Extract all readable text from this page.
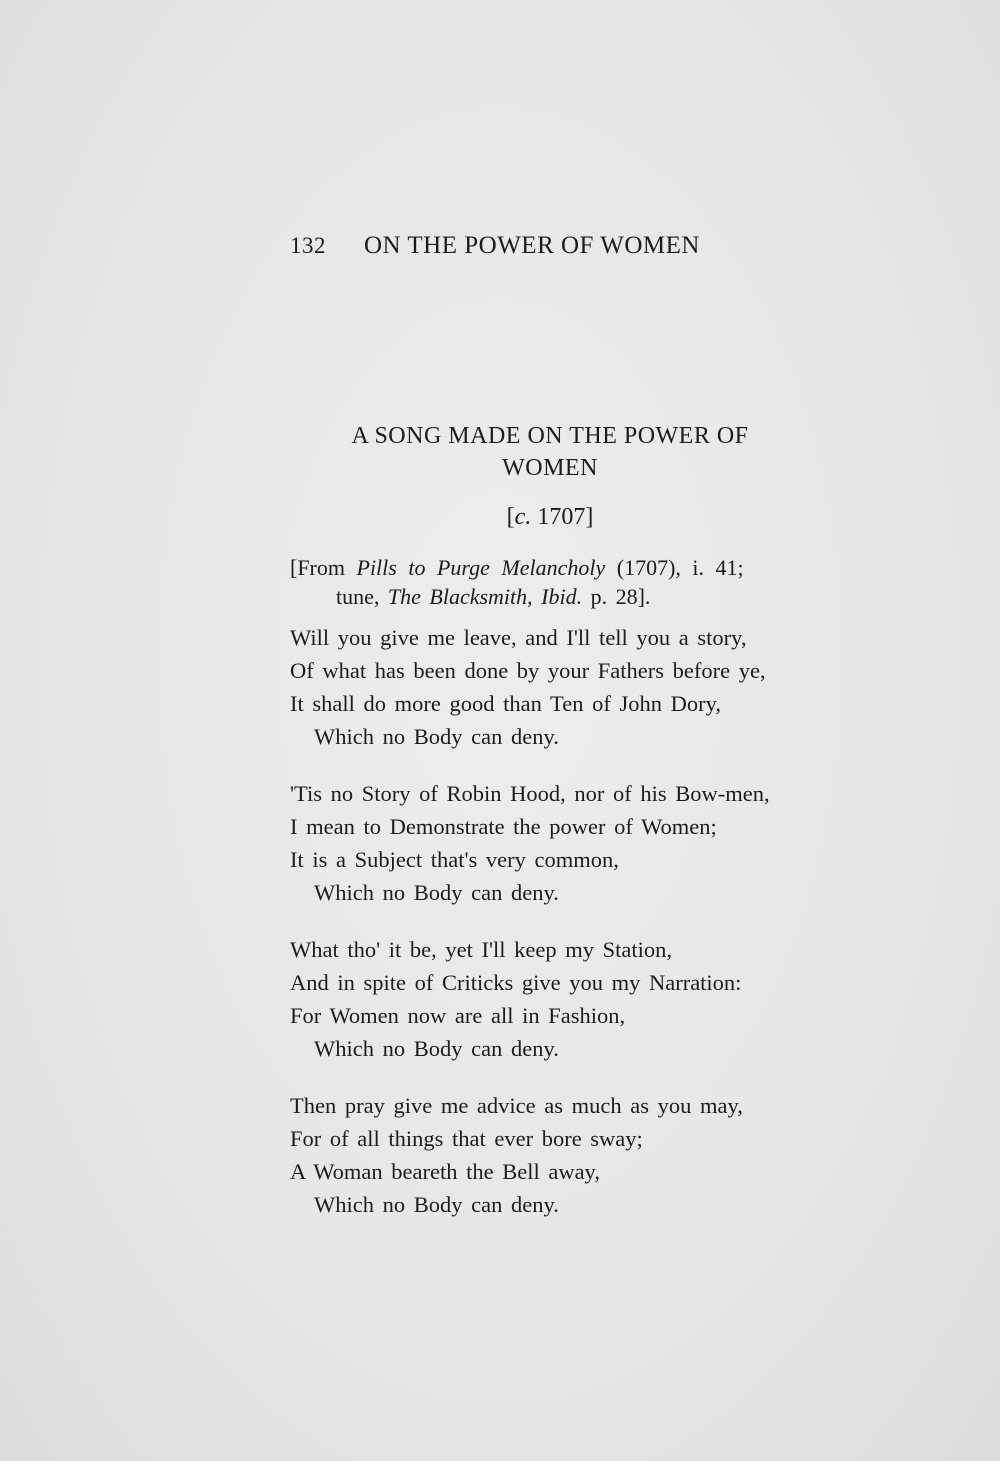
132 ON THE POWER OF WOMEN
A SONG MADE ON THE POWER OF
WOMEN
[c. 1707]
[From Pills to Purge Melancholy (1707), i. 41;
tune, The Blacksmith, Ibid. p. 28].
Will you give me leave, and I'll tell you a story,
Of what has been done by your Fathers before ye,
It shall do more good than Ten of John Dory,
Which no Body can deny.
'Tis no Story of Robin Hood, nor of his Bow-men,
I mean to Demonstrate the power of Women;
It is a Subject that's very common,
Which no Body can deny.
What tho' it be, yet I'll keep my Station,
And in spite of Criticks give you my Narration:
For Women now are all in Fashion,
Which no Body can deny.
Then pray give me advice as much as you may,
For of all things that ever bore sway;
A Woman beareth the Bell away,
Which no Body can deny.
